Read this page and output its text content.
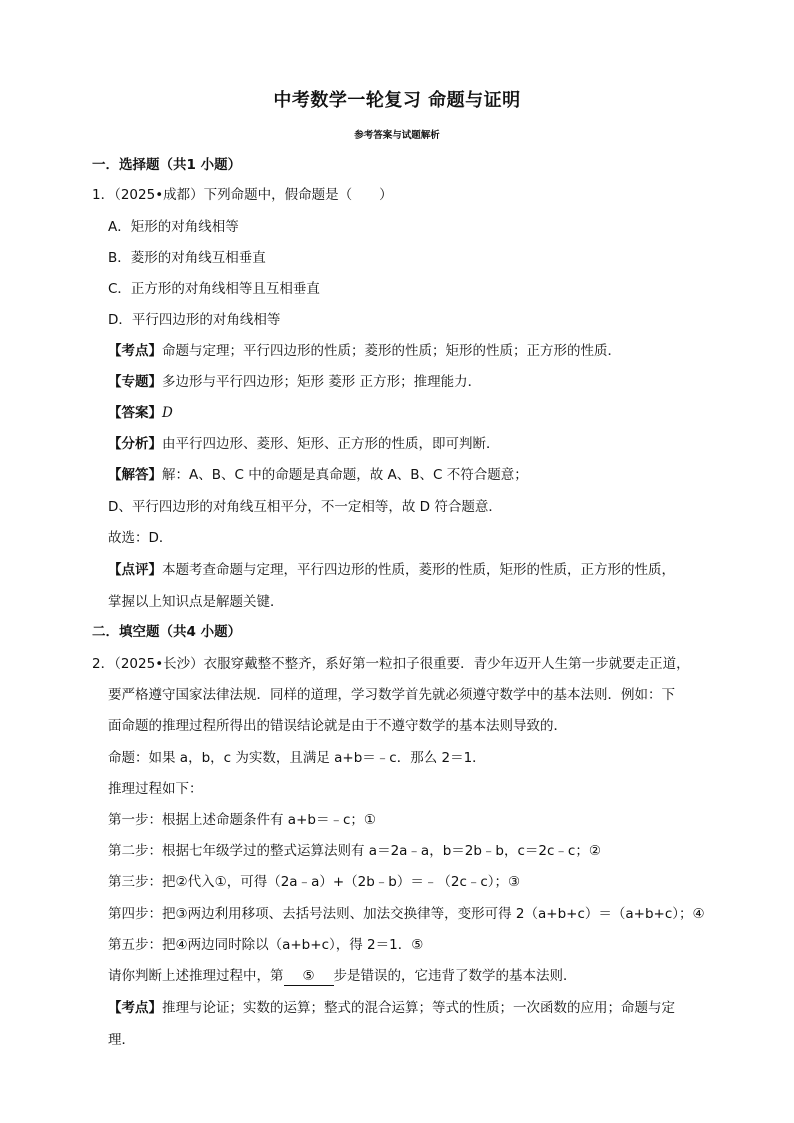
中考数学一轮复习 命题与证明
参考答案与试题解析
一．选择题（共1 小题）
1．（2025•成都）下列命题中，假命题是（　　）
A．矩形的对角线相等
B．菱形的对角线互相垂直
C．正方形的对角线相等且互相垂直
D．平行四边形的对角线相等
【考点】命题与定理；平行四边形的性质；菱形的性质；矩形的性质；正方形的性质．
【专题】多边形与平行四边形；矩形 菱形 正方形；推理能力．
【答案】D
【分析】由平行四边形、菱形、矩形、正方形的性质，即可判断．
【解答】解：A、B、C 中的命题是真命题，故 A、B、C 不符合题意；
D、平行四边形的对角线互相平分，不一定相等，故 D 符合题意．
故选：D．
【点评】本题考查命题与定理，平行四边形的性质，菱形的性质，矩形的性质，正方形的性质，
掌握以上知识点是解题关键．
二．填空题（共4 小题）
2．（2025•长沙）衣服穿戴整不整齐，系好第一粒扣子很重要．青少年迈开人生第一步就要走正道，
要严格遵守国家法律法规．同样的道理，学习数学首先就必须遵守数学中的基本法则．例如：下
面命题的推理过程所得出的错误结论就是由于不遵守数学的基本法则导致的．
命题：如果 a，b，c 为实数，且满足 a+b＝﹣c．那么 2＝1．
推理过程如下：
第一步：根据上述命题条件有 a+b＝﹣c；①
第二步：根据七年级学过的整式运算法则有 a＝2a﹣a，b＝2b﹣b，c＝2c﹣c；②
第三步：把②代入①，可得（2a﹣a）+（2b﹣b）＝﹣（2c﹣c）；③
第四步：把③两边利用移项、去括号法则、加法交换律等，变形可得 2（a+b+c）＝（a+b+c）；④
第五步：把④两边同时除以（a+b+c），得 2＝1．⑤
请你判断上述推理过程中，第 ⑤ 步是错误的，它违背了数学的基本法则．
【考点】推理与论证；实数的运算；整式的混合运算；等式的性质；一次函数的应用；命题与定
理．
